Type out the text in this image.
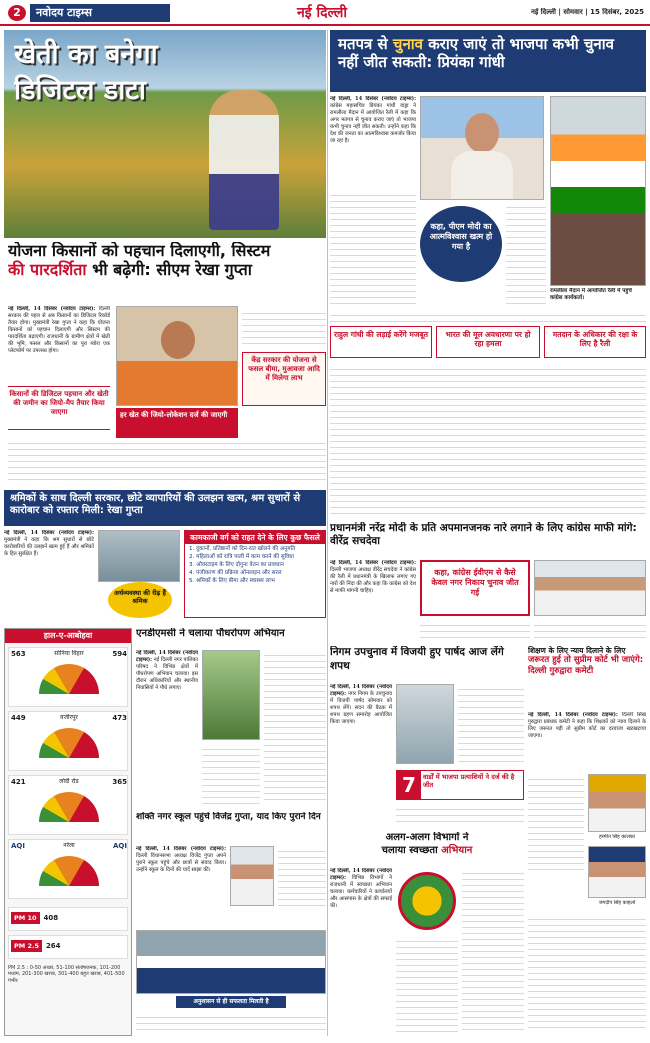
2	नवोदय टाइम्स	नई दिल्ली	नई दिल्ली | सोमवार | 15 दिसंबर, 2025
खेती का बनेगा
डिजिटल डाटा
योजना किसानों को पहचान दिलाएगी, सिस्टम
की पारदर्शिता भी बढ़ेगी: सीएम रेखा गुप्ता
नई दिल्ली, 14 दिसंबर (नवोदय टाइम्स): दिल्ली सरकार की पहल से अब किसानों का डिजिटल रिकॉर्ड तैयार होगा। मुख्यमंत्री रेखा गुप्ता ने कहा कि योजना किसानों को पहचान दिलाएगी और सिस्टम की पारदर्शिता बढ़ाएगी। राजधानी के ग्रामीण क्षेत्रों में खेती की भूमि, फसल और किसानों का पूरा ब्योरा एक प्लेटफॉर्म पर उपलब्ध होगा।
किसानों की डिजिटल पहचान और खेती की जमीन का जियो-मैप तैयार किया जाएगा	हर खेत की जियो-लोकेशन दर्ज की जाएगी
केंद्र सरकार की योजना से फसल बीमा, मुआवजा आदि में मिलेगा लाभ
मतपत्र से चुनाव कराए जाएं तो भाजपा कभी चुनाव नहीं जीत सकती: प्रियंका गांधी
नई दिल्ली, 14 दिसंबर (नवोदय टाइम्स): कांग्रेस महासचिव प्रियंका गांधी वाड्रा ने रामलीला मैदान में आयोजित रैली में कहा कि अगर मतपत्र से चुनाव कराए जाएं तो भाजपा कभी चुनाव नहीं जीत सकती। उन्होंने कहा कि देश की जनता का आत्मविश्वास कमजोर किया जा रहा है।
कहा, पीएम मोदी का आत्मविश्वास खत्म हो गया है
रामलीला मैदान में आयोजित रैली में पहुंचे कांग्रेस कार्यकर्ता।
राहुल गांधी की लड़ाई करेंगे मजबूत	भारत की मूल अवधारणा पर हो रहा हमला
मतदान के अधिकार की रक्षा के लिए है रैली
श्रमिकों के साथ दिल्ली सरकार, छोटे व्यापारियों की उलझन खत्म, श्रम सुधारों से कारोबार को रफ्तार मिली: रेखा गुप्ता
नई दिल्ली, 14 दिसंबर (नवोदय टाइम्स): मुख्यमंत्री ने कहा कि श्रम सुधारों से छोटे कारोबारियों की उलझनें खत्म हुई हैं और श्रमिकों के हित सुरक्षित हैं।
अर्थव्यवस्था की रीढ़ हैं श्रमिक
कामकाजी वर्ग को राहत देने के लिए कुछ फैसले
1. दुकानों, प्रतिष्ठानों को दिन-रात खोलने की अनुमति
2. महिलाओं को रात्रि पाली में काम करने की सुविधा
3. ओवरटाइम के लिए दोगुना वेतन का प्रावधान
4. पंजीकरण की प्रक्रिया ऑनलाइन और सरल
5. श्रमिकों के लिए बीमा और स्वास्थ्य लाभ
प्रधानमंत्री नरेंद्र मोदी के प्रति अपमानजनक नारे लगाने के लिए कांग्रेस माफी मांगे: वीरेंद्र सचदेवा
नई दिल्ली, 14 दिसंबर (नवोदय टाइम्स): दिल्ली भाजपा अध्यक्ष वीरेंद्र सचदेवा ने कांग्रेस की रैली में प्रधानमंत्री के खिलाफ लगाए गए नारों की निंदा की और कहा कि कांग्रेस को देश से माफी मांगनी चाहिए।
कहा, कांग्रेस ईवीएम से कैसे केवल नगर निकाय चुनाव जीत गई
हाल-ए-आबोहवा
563	सोनिया विहार	594
449	वजीरपुर	473
421	लोदी रोड	365
AQI	नरेला	AQI
PM 10 408
PM 2.5 264
PM 2.5 : 0-50 अच्छा, 51-100 संतोषजनक, 101-200 मध्यम, 201-300 खराब, 301-400 बहुत खराब, 401-500 गंभीर
एनडीएमसी ने चलाया पौधरोपण अभियान
नई दिल्ली, 14 दिसंबर (नवोदय टाइम्स): नई दिल्ली नगर पालिका परिषद ने विभिन्न क्षेत्रों में पौधरोपण अभियान चलाया। इस दौरान अधिकारियों और स्थानीय निवासियों ने पौधे लगाए।
निगम उपचुनाव में विजयी हुए पार्षद आज लेंगे शपथ
नई दिल्ली, 14 दिसंबर (नवोदय टाइम्स): नगर निगम के उपचुनाव में विजयी पार्षद सोमवार को शपथ लेंगे। सदन की बैठक में शपथ ग्रहण समारोह आयोजित किया जाएगा।
7	वार्डों में भाजपा प्रत्याशियों ने दर्ज की है जीत
शिक्षण के लिए न्याय दिलाने के लिए
जरूरत हुई तो सुप्रीम कोर्ट भी जाएंगे: दिल्ली गुरुद्वारा कमेटी
नई दिल्ली, 14 दिसंबर (नवोदय टाइम्स): दिल्ली सिख गुरुद्वारा प्रबंधक कमेटी ने कहा कि शिक्षकों को न्याय दिलाने के लिए जरूरत पड़ी तो सुप्रीम कोर्ट का दरवाजा खटखटाया जाएगा।
हरमीत सिंह कालका
जगदीप सिंह काहलों
शक्ति नगर स्कूल पहुंचे विजेंद्र गुप्ता, याद किए पुराने दिन
नई दिल्ली, 14 दिसंबर (नवोदय टाइम्स): दिल्ली विधानसभा अध्यक्ष विजेंद्र गुप्ता अपने पुराने स्कूल पहुंचे और छात्रों से संवाद किया। उन्होंने स्कूल के दिनों की यादें साझा कीं।
अनुशासन से ही सफलता मिलती है
अलग-अलग विभागों ने
चलाया स्वच्छता अभियान
नई दिल्ली, 14 दिसंबर (नवोदय टाइम्स): विभिन्न विभागों ने राजधानी में स्वच्छता अभियान चलाया। कर्मचारियों ने कार्यालयों और आसपास के क्षेत्रों की सफाई की।
